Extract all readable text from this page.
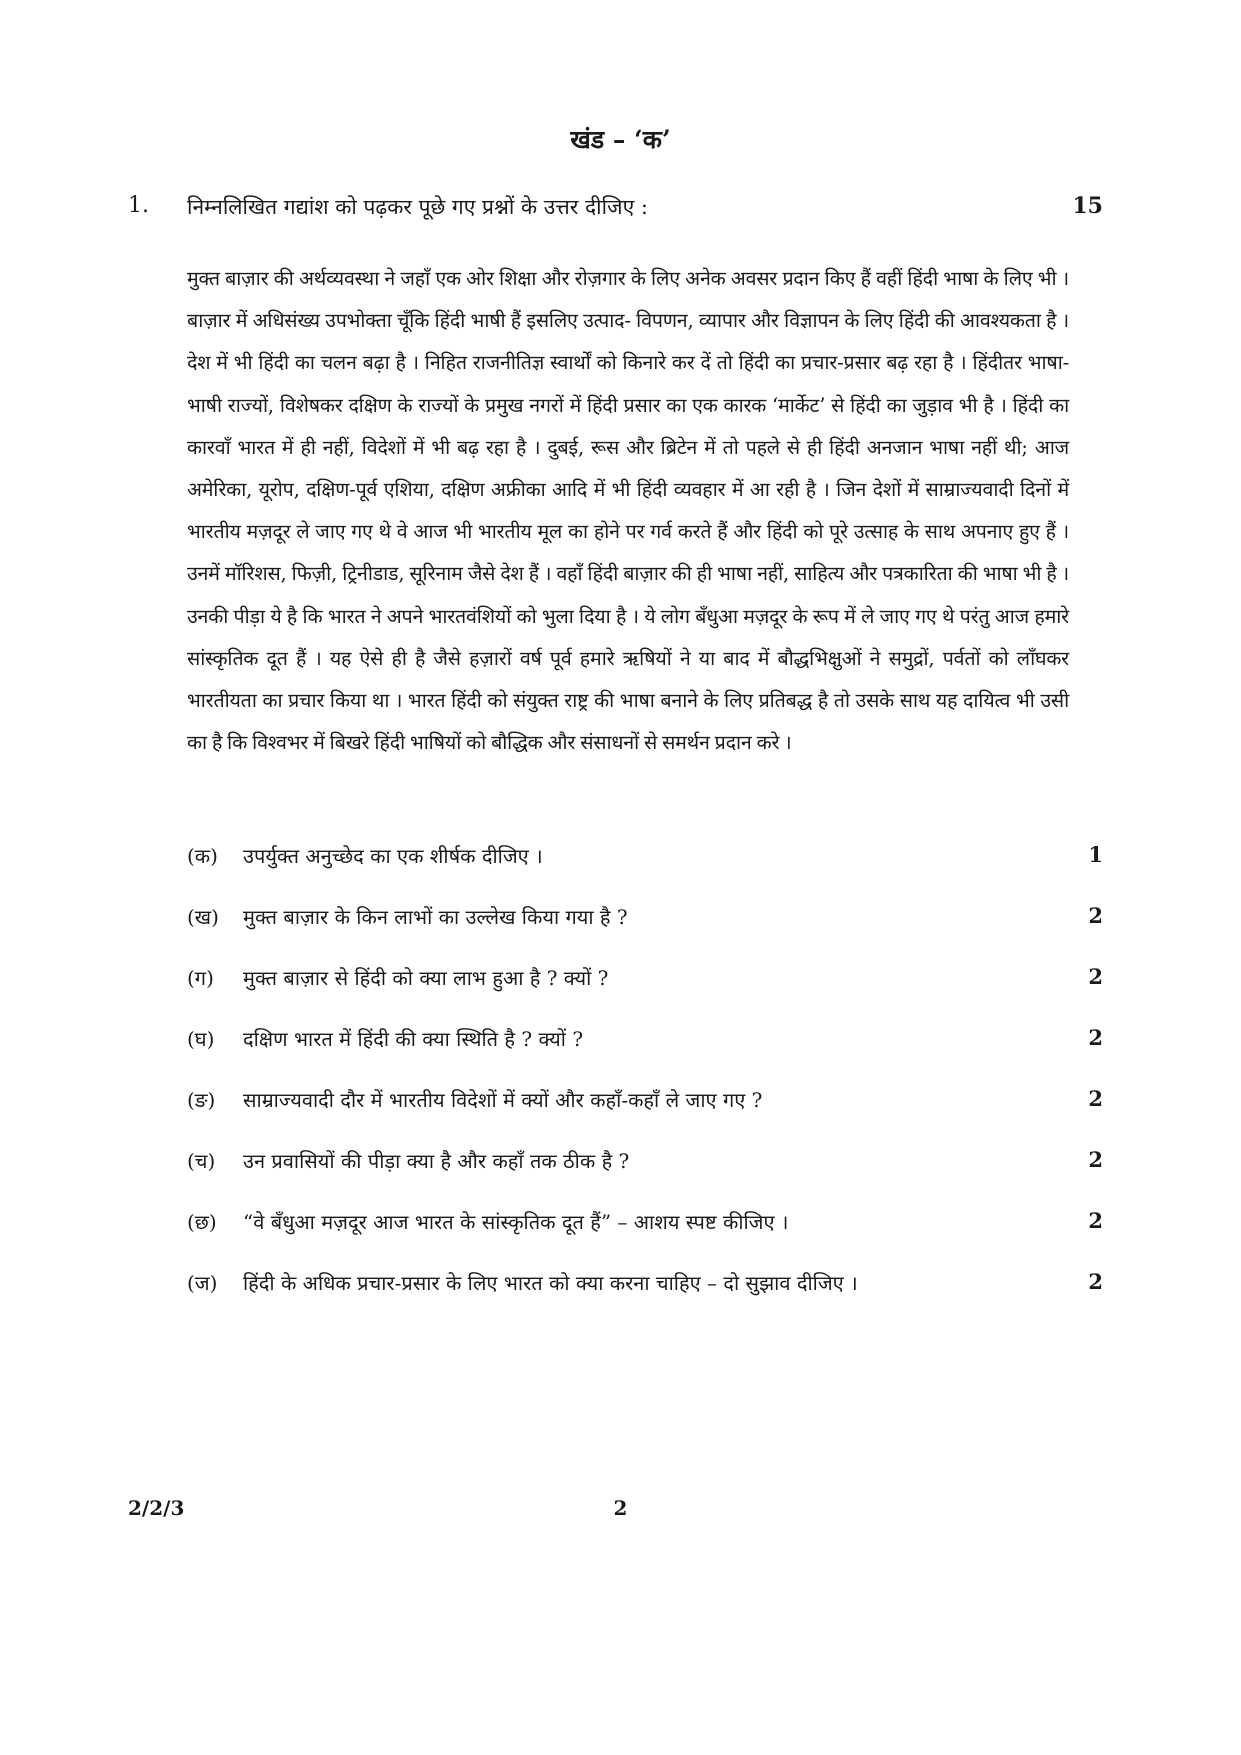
खंड – ‘क’
1. निम्नलिखित गद्यांश को पढ़कर पूछे गए प्रश्नों के उत्तर दीजिए :	15
मुक्त बाज़ार की अर्थव्यवस्था ने जहाँ एक ओर शिक्षा और रोज़गार के लिए अनेक अवसर प्रदान किए हैं वहीं हिंदी भाषा के लिए भी । बाज़ार में अधिसंख्य उपभोक्ता चूँकि हिंदी भाषी हैं इसलिए उत्पाद- विपणन, व्यापार और विज्ञापन के लिए हिंदी की आवश्यकता है । देश में भी हिंदी का चलन बढ़ा है । निहित राजनीतिज्ञ स्वार्थों को किनारे कर दें तो हिंदी का प्रचार-प्रसार बढ़ रहा है । हिंदीतर भाषा-भाषी राज्यों, विशेषकर दक्षिण के राज्यों के प्रमुख नगरों में हिंदी प्रसार का एक कारक ‘मार्केट’ से हिंदी का जुड़ाव भी है । हिंदी का कारवाँ भारत में ही नहीं, विदेशों में भी बढ़ रहा है । दुबई, रूस और ब्रिटेन में तो पहले से ही हिंदी अनजान भाषा नहीं थी; आज अमेरिका, यूरोप, दक्षिण-पूर्व एशिया, दक्षिण अफ्रीका आदि में भी हिंदी व्यवहार में आ रही है । जिन देशों में साम्राज्यवादी दिनों में भारतीय मज़दूर ले जाए गए थे वे आज भी भारतीय मूल का होने पर गर्व करते हैं और हिंदी को पूरे उत्साह के साथ अपनाए हुए हैं । उनमें मॉरिशस, फिज़ी, ट्रिनीडाड, सूरिनाम जैसे देश हैं । वहाँ हिंदी बाज़ार की ही भाषा नहीं, साहित्य और पत्रकारिता की भाषा भी है । उनकी पीड़ा ये है कि भारत ने अपने भारतवंशियों को भुला दिया है । ये लोग बँधुआ मज़दूर के रूप में ले जाए गए थे परंतु आज हमारे सांस्कृतिक दूत हैं । यह ऐसे ही है जैसे हज़ारों वर्ष पूर्व हमारे ऋषियों ने या बाद में बौद्धभिक्षुओं ने समुद्रों, पर्वतों को लाँघकर भारतीयता का प्रचार किया था । भारत हिंदी को संयुक्त राष्ट्र की भाषा बनाने के लिए प्रतिबद्ध है तो उसके साथ यह दायित्व भी उसी का है कि विश्वभर में बिखरे हिंदी भाषियों को बौद्धिक और संसाधनों से समर्थन प्रदान करे ।
(क) उपर्युक्त अनुच्छेद का एक शीर्षक दीजिए ।	1
(ख) मुक्त बाज़ार के किन लाभों का उल्लेख किया गया है ?	2
(ग) मुक्त बाज़ार से हिंदी को क्या लाभ हुआ है ? क्यों ?	2
(घ) दक्षिण भारत में हिंदी की क्या स्थिति है ? क्यों ?	2
(ङ) साम्राज्यवादी दौर में भारतीय विदेशों में क्यों और कहाँ-कहाँ ले जाए गए ?	2
(च) उन प्रवासियों की पीड़ा क्या है और कहाँ तक ठीक है ?	2
(छ) “वे बँधुआ मज़दूर आज भारत के सांस्कृतिक दूत हैं” – आशय स्पष्ट कीजिए ।	2
(ज) हिंदी के अधिक प्रचार-प्रसार के लिए भारत को क्या करना चाहिए – दो सुझाव दीजिए ।	2
2/2/3	2
